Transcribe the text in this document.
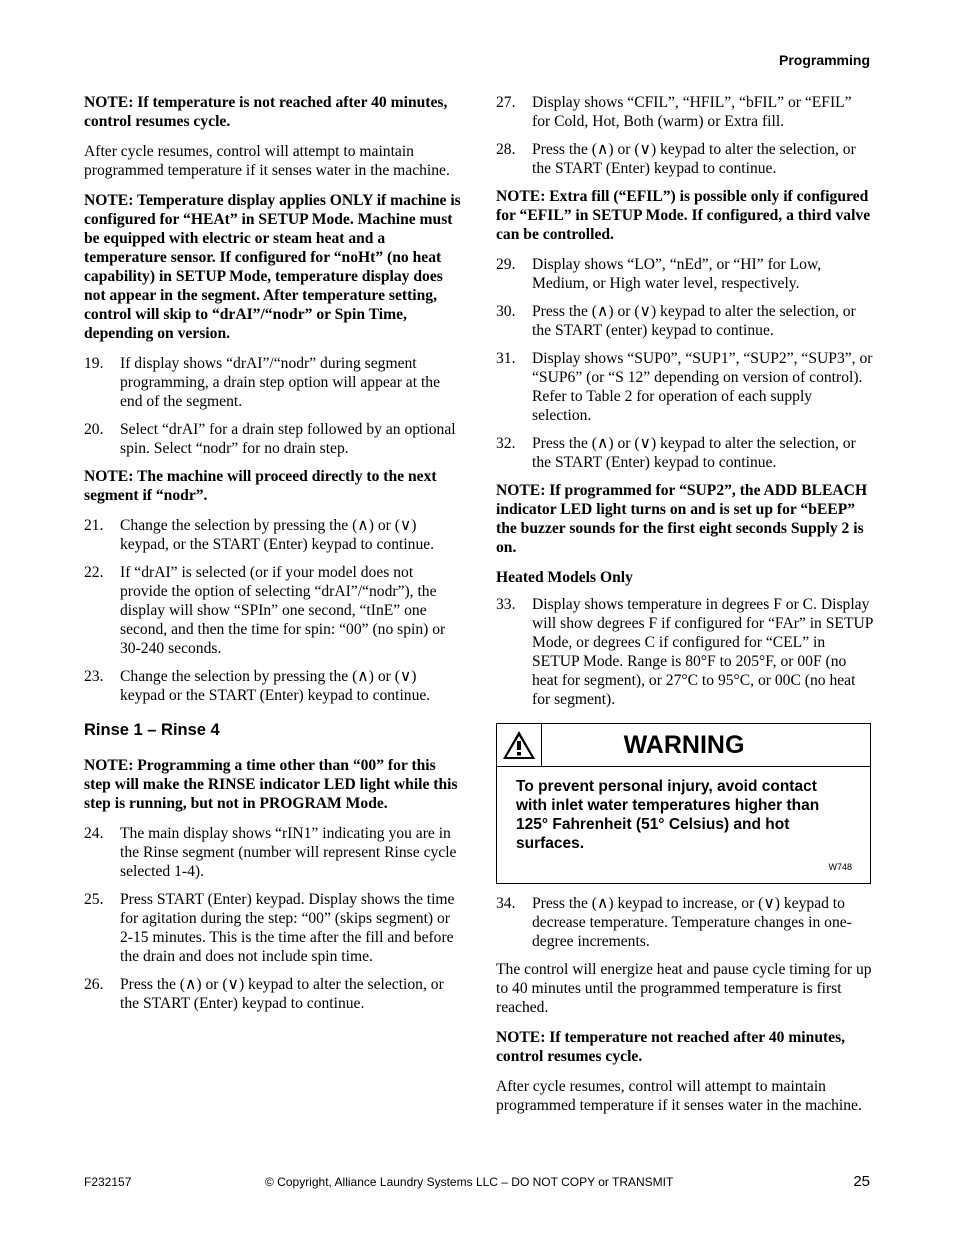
Programming

NOTE: If temperature is not reached after 40 minutes, control resumes cycle.

After cycle resumes, control will attempt to maintain programmed temperature if it senses water in the machine.

NOTE: Temperature display applies ONLY if machine is configured for “HEAt” in SETUP Mode. Machine must be equipped with electric or steam heat and a temperature sensor. If configured for “noHt” (no heat capability) in SETUP Mode, temperature display does not appear in the segment. After temperature setting, control will skip to “drAI”/“nodr” or Spin Time, depending on version.

19.	If display shows “drAI”/“nodr” during segment programming, a drain step option will appear at the end of the segment.
20.	Select “drAI” for a drain step followed by an optional spin. Select “nodr” for no drain step.

NOTE: The machine will proceed directly to the next segment if “nodr”.

21.	Change the selection by pressing the (∧) or (∨) keypad, or the START (Enter) keypad to continue.
22.	If “drAI” is selected (or if your model does not provide the option of selecting “drAI”/“nodr”), the display will show “SPIn” one second, “tInE” one second, and then the time for spin: “00” (no spin) or 30-240 seconds.
23.	Change the selection by pressing the (∧) or (∨) keypad or the START (Enter) keypad to continue.
Rinse 1 – Rinse 4

NOTE: Programming a time other than “00” for this step will make the RINSE indicator LED light while this step is running, but not in PROGRAM Mode.

24.	The main display shows “rIN1” indicating you are in the Rinse segment (number will represent Rinse cycle selected 1-4).
25.	Press START (Enter) keypad. Display shows the time for agitation during the step: “00” (skips segment) or 2-15 minutes. This is the time after the fill and before the drain and does not include spin time.
26.	Press the (∧) or (∨) keypad to alter the selection, or the START (Enter) keypad to continue.
27.	Display shows “CFIL”, “HFIL”, “bFIL” or “EFIL” for Cold, Hot, Both (warm) or Extra fill.
28.	Press the (∧) or (∨) keypad to alter the selection, or the START (Enter) keypad to continue.

NOTE: Extra fill (“EFIL”) is possible only if configured for “EFIL” in SETUP Mode. If configured, a third valve can be controlled.

29.	Display shows “LO”, “nEd”, or “HI” for Low, Medium, or High water level, respectively.
30.	Press the (∧) or (∨) keypad to alter the selection, or the START (enter) keypad to continue.
31.	Display shows “SUP0”, “SUP1”, “SUP2”, “SUP3”, or “SUP6” (or “S 12” depending on version of control). Refer to Table 2 for operation of each supply selection.
32.	Press the (∧) or (∨) keypad to alter the selection, or the START (Enter) keypad to continue.

NOTE: If programmed for “SUP2”, the ADD BLEACH indicator LED light turns on and is set up for “bEEP” the buzzer sounds for the first eight seconds Supply 2 is on.

Heated Models Only

33.	Display shows temperature in degrees F or C. Display will show degrees F if configured for “FAr” in SETUP Mode, or degrees C if configured for “CEL” in SETUP Mode. Range is 80°F to 205°F, or 00F (no heat for segment), or 27°C to 95°C, or 00C (no heat for segment).
WARNING
To prevent personal injury, avoid contact with inlet water temperatures higher than 125° Fahrenheit (51° Celsius) and hot surfaces.
W748
34.	Press the (∧) keypad to increase, or (∨) keypad to decrease temperature. Temperature changes in one-degree increments.

The control will energize heat and pause cycle timing for up to 40 minutes until the programmed temperature is first reached.

NOTE: If temperature not reached after 40 minutes, control resumes cycle.

After cycle resumes, control will attempt to maintain programmed temperature if it senses water in the machine.

F232157	© Copyright, Alliance Laundry Systems LLC – DO NOT COPY or TRANSMIT	25
